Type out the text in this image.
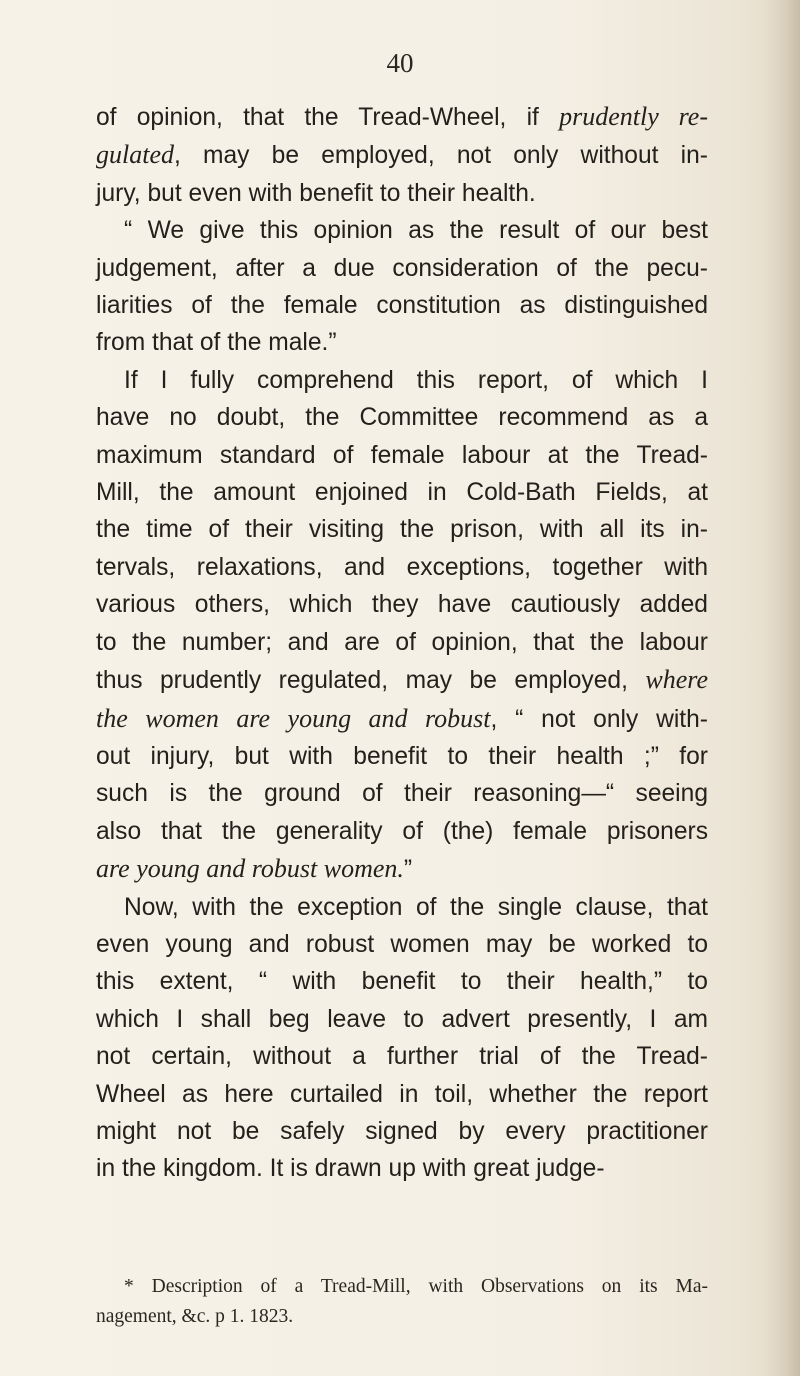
40

of opinion, that the Tread-Wheel, if prudently re-
gulated, may be employed, not only without in-
jury, but even with benefit to their health.

“ We give this opinion as the result of our best
judgement, after a due consideration of the pecu-
liarities of the female constitution as distinguished
from that of the male.”

If I fully comprehend this report, of which I
have no doubt, the Committee recommend as a
maximum standard of female labour at the Tread-
Mill, the amount enjoined in Cold-Bath Fields, at
the time of their visiting the prison, with all its in-
tervals, relaxations, and exceptions, together with
various others, which they have cautiously added
to the number; and are of opinion, that the labour
thus prudently regulated, may be employed, where
the women are young and robust, “ not only with-
out injury, but with benefit to their health ;” for
such is the ground of their reasoning—“ seeing
also that the generality of (the) female prisoners
are young and robust women.”

Now, with the exception of the single clause, that
even young and robust women may be worked to
this extent, “ with benefit to their health,” to
which I shall beg leave to advert presently, I am
not certain, without a further trial of the Tread-
Wheel as here curtailed in toil, whether the report
might not be safely signed by every practitioner
in the kingdom. It is drawn up with great judge-

* Description of a Tread-Mill, with Observations on its Ma-
nagement, &c. p 1. 1823.
